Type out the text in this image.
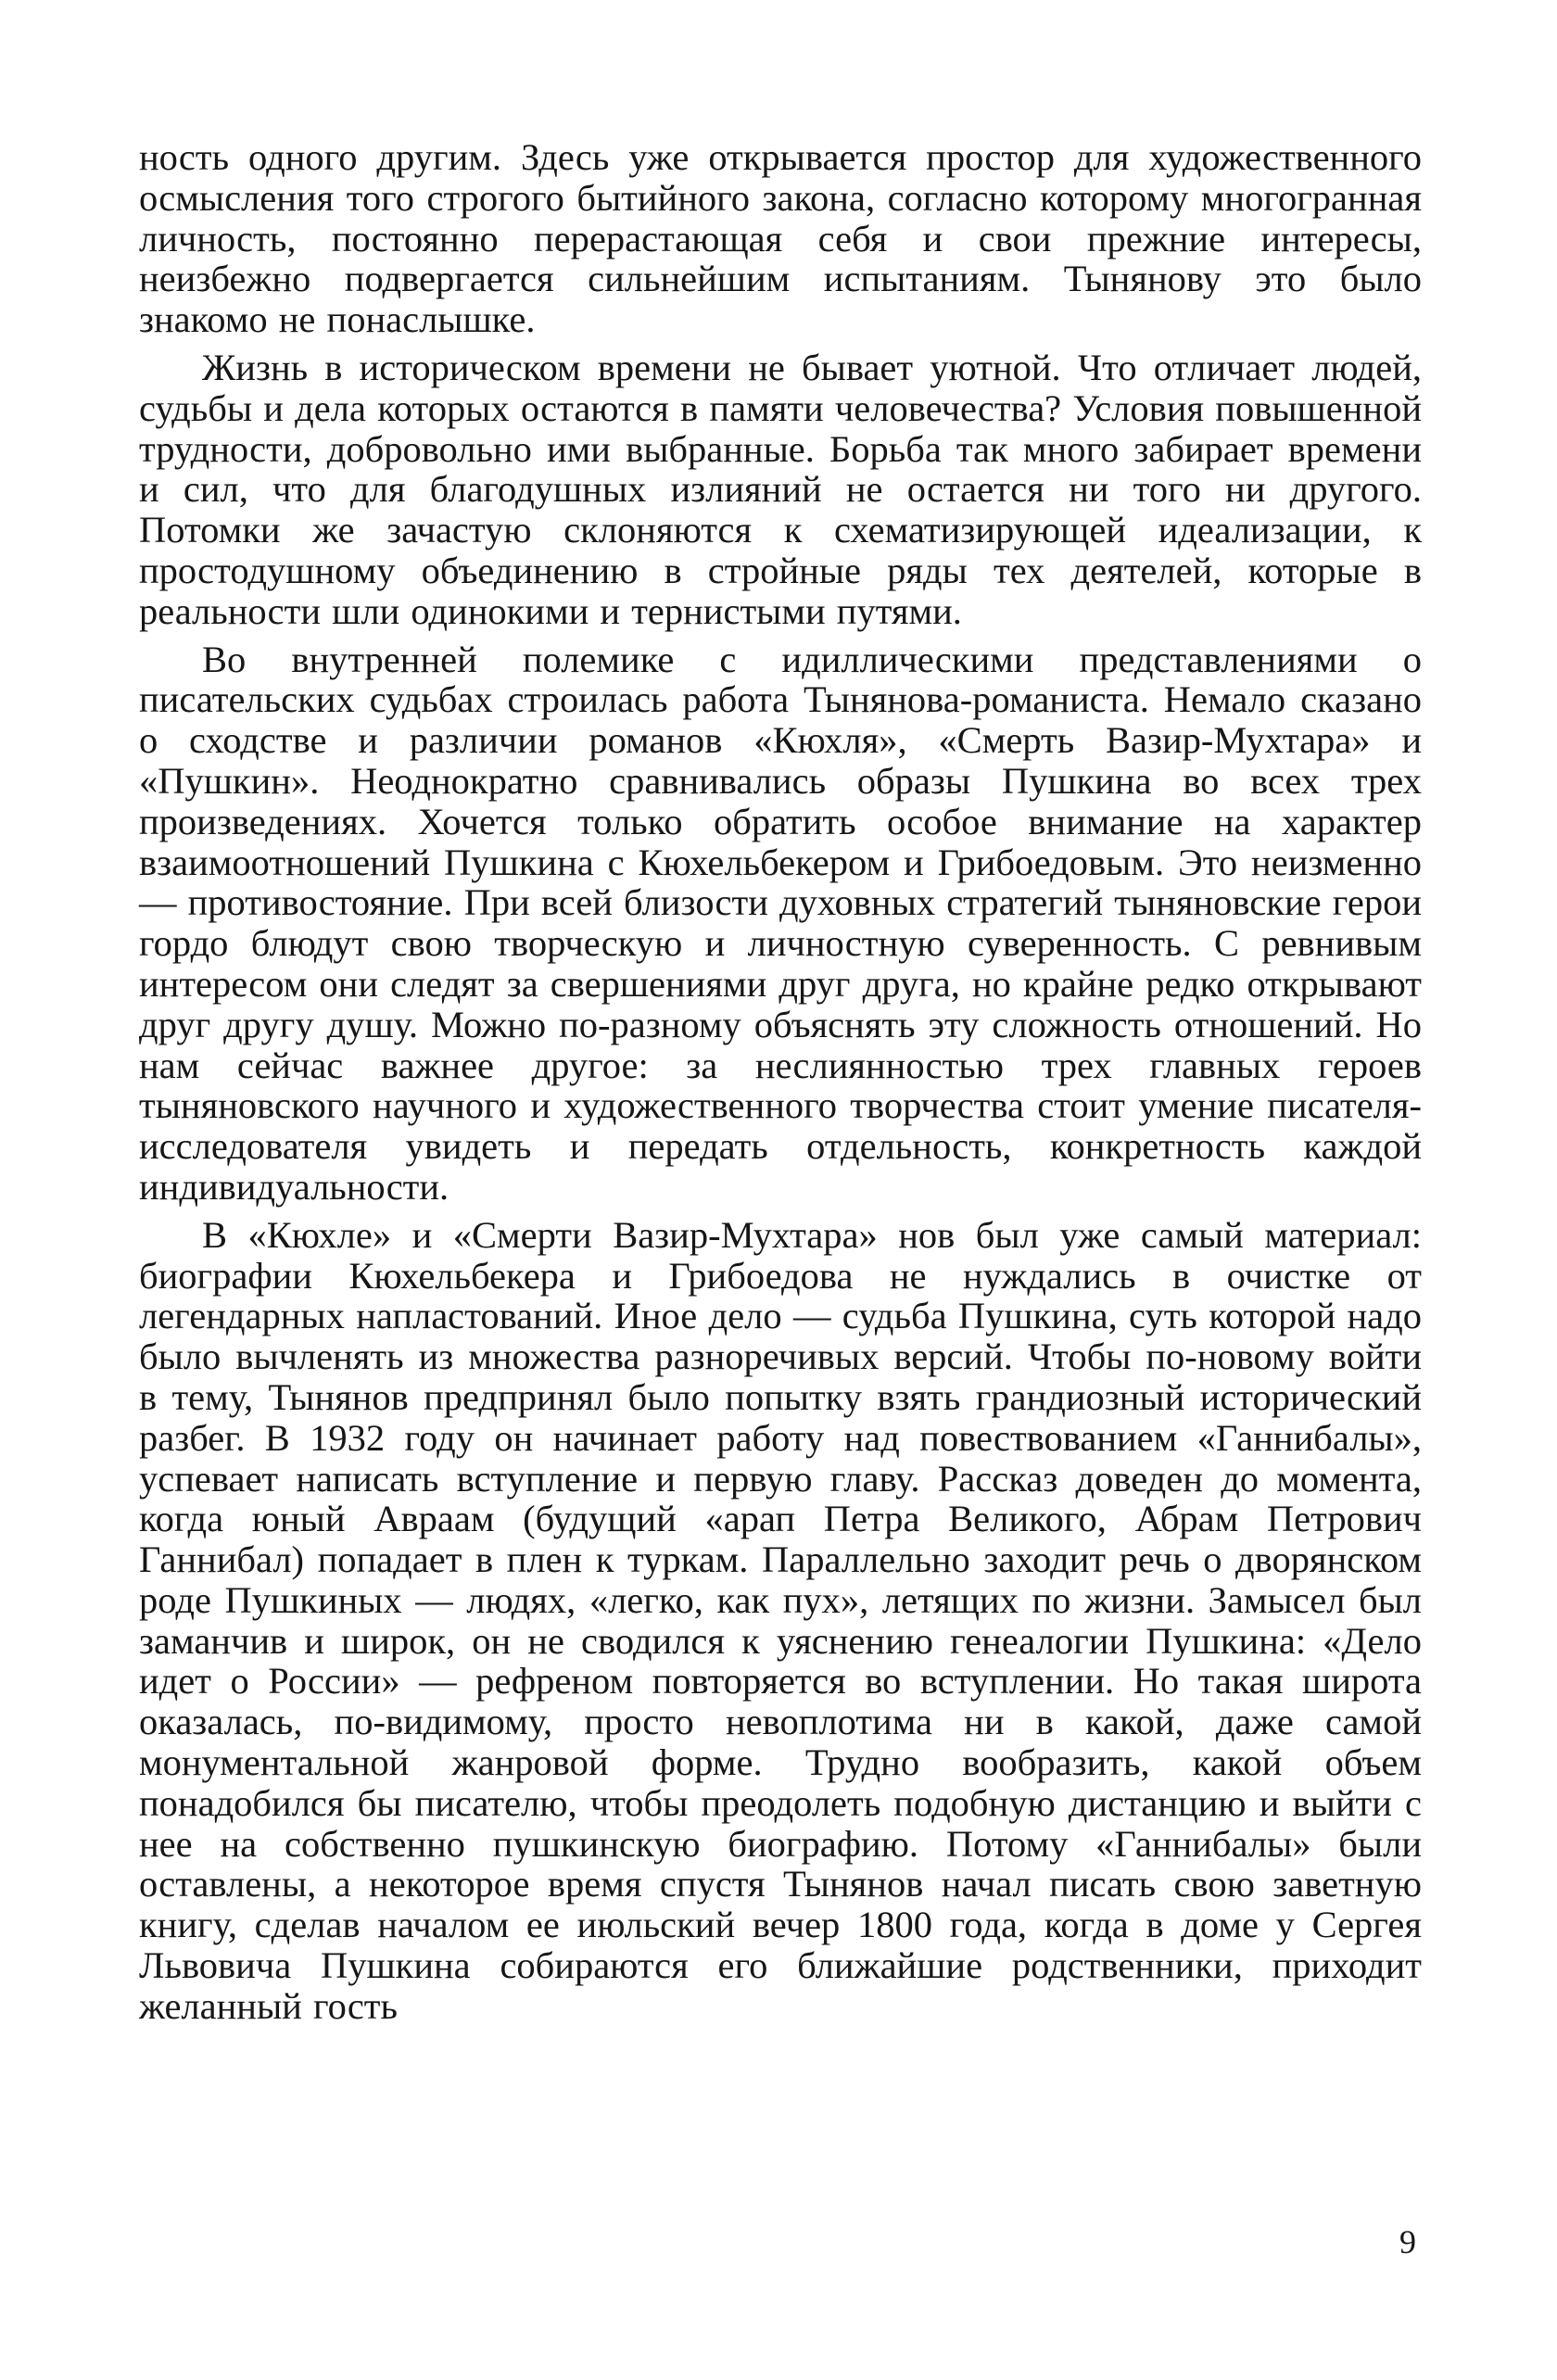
ность одного другим. Здесь уже открывается простор для художественного осмысления того строгого бытийного закона, согласно которому многогранная личность, постоянно перерастающая себя и свои прежние интересы, неизбежно подвергается сильнейшим испытаниям. Тынянову это было знакомо не понаслышке.

Жизнь в историческом времени не бывает уютной. Что отличает людей, судьбы и дела которых остаются в памяти человечества? Условия повышенной трудности, добровольно ими выбранные. Борьба так много забирает времени и сил, что для благодушных излияний не остается ни того ни другого. Потомки же зачастую склоняются к схематизирующей идеализации, к простодушному объединению в стройные ряды тех деятелей, которые в реальности шли одинокими и тернистыми путями.

Во внутренней полемике с идиллическими представлениями о писательских судьбах строилась работа Тынянова-романиста. Немало сказано о сходстве и различии романов «Кюхля», «Смерть Вазир-Мухтара» и «Пушкин». Неоднократно сравнивались образы Пушкина во всех трех произведениях. Хочется только обратить особое внимание на характер взаимоотношений Пушкина с Кюхельбекером и Грибоедовым. Это неизменно — противостояние. При всей близости духовных стратегий тыняновские герои гордо блюдут свою творческую и личностную суверенность. С ревнивым интересом они следят за свершениями друг друга, но крайне редко открывают друг другу душу. Можно по-разному объяснять эту сложность отношений. Но нам сейчас важнее другое: за неслиянностью трех главных героев тыняновского научного и художественного творчества стоит умение писателя-исследователя увидеть и передать отдельность, конкретность каждой индивидуальности.

В «Кюхле» и «Смерти Вазир-Мухтара» нов был уже самый материал: биографии Кюхельбекера и Грибоедова не нуждались в очистке от легендарных напластований. Иное дело — судьба Пушкина, суть которой надо было вычленять из множества разноречивых версий. Чтобы по-новому войти в тему, Тынянов предпринял было попытку взять грандиозный исторический разбег. В 1932 году он начинает работу над повествованием «Ганнибалы», успевает написать вступление и первую главу. Рассказ доведен до момента, когда юный Авраам (будущий «арап Петра Великого, Абрам Петрович Ганнибал) попадает в плен к туркам. Параллельно заходит речь о дворянском роде Пушкиных — людях, «легко, как пух», летящих по жизни. Замысел был заманчив и широк, он не сводился к уяснению генеалогии Пушкина: «Дело идет о России» — рефреном повторяется во вступлении. Но такая широта оказалась, по-видимому, просто невоплотима ни в какой, даже самой монументальной жанровой форме. Трудно вообразить, какой объем понадобился бы писателю, чтобы преодолеть подобную дистанцию и выйти с нее на собственно пушкинскую биографию. Потому «Ганнибалы» были оставлены, а некоторое время спустя Тынянов начал писать свою заветную книгу, сделав началом ее июльский вечер 1800 года, когда в доме у Сергея Львовича Пушкина собираются его ближайшие родственники, приходит желанный гость

9
